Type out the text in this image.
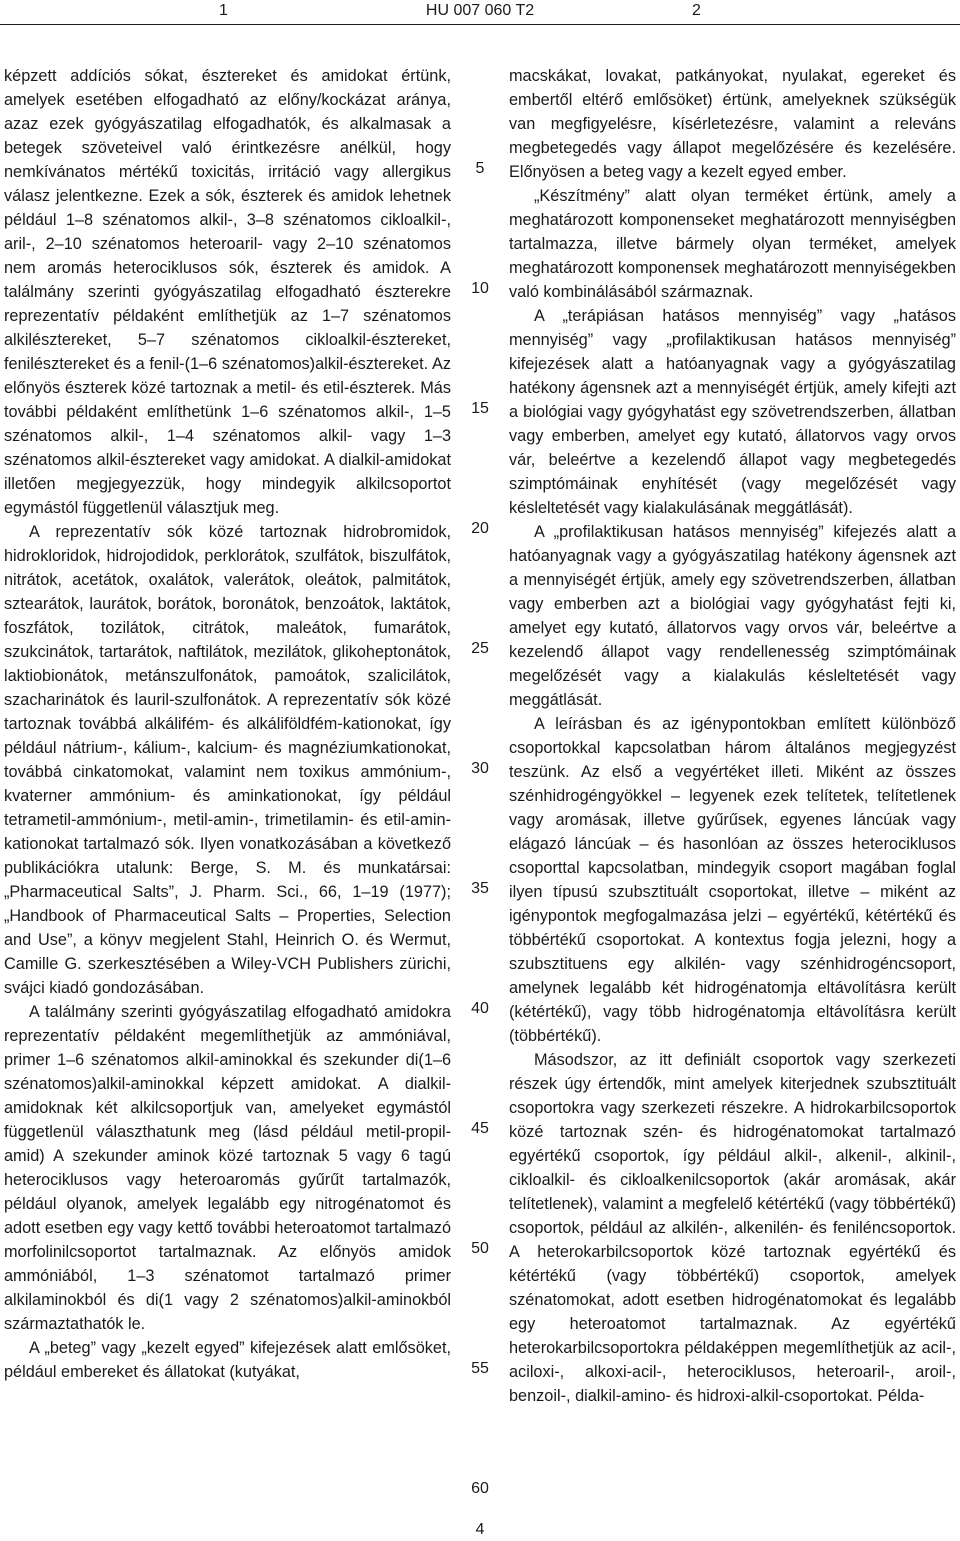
1	HU 007 060 T2	2

képzett addíciós sókat, észtereket és amidokat értünk, amelyek esetében elfogadható az előny/kockázat aránya, azaz ezek gyógyászatilag elfogadhatók, és alkalmasak a betegek szöveteivel való érintkezésre anélkül, hogy nemkívánatos mértékű toxicitás, irritáció vagy allergikus válasz jelentkezne. Ezek a sók, észterek és amidok lehetnek például 1–8 szénatomos alkil-, 3–8 szénatomos cikloalkil-, aril-, 2–10 szénatomos heteroaril- vagy 2–10 szénatomos nem aromás heterociklusos sók, észterek és amidok. A találmány szerinti gyógyászatilag elfogadható észterekre reprezentatív példaként említhetjük az 1–7 szénatomos alkilésztereket, 5–7 szénatomos cikloalkil-észtereket, fenilésztereket és a fenil-(1–6 szénatomos)alkil-észtereket. Az előnyös észterek közé tartoznak a metil- és etil-észterek. Más további példaként említhetünk 1–6 szénatomos alkil-, 1–5 szénatomos alkil-, 1–4 szénatomos alkil- vagy 1–3 szénatomos alkil-észtereket vagy amidokat. A dialkil-amidokat illetően megjegyezzük, hogy mindegyik alkilcsoportot egymástól függetlenül választjuk meg.

A reprezentatív sók közé tartoznak hidrobromidok, hidrokloridok, hidrojodidok, perklorátok, szulfátok, biszulfátok, nitrátok, acetátok, oxalátok, valerátok, oleátok, palmitátok, sztearátok, laurátok, borátok, boronátok, benzoátok, laktátok, foszfátok, tozilátok, citrátok, maleátok, fumarátok, szukcinátok, tartarátok, naftilátok, mezilátok, glikoheptonátok, laktiobionátok, metánszulfonátok, pamoátok, szalicilátok, szacharinátok és lauril-szulfonátok. A reprezentatív sók közé tartoznak továbbá alkálifém- és alkáliföldfém-kationokat, így például nátrium-, kálium-, kalcium- és magnéziumkationokat, továbbá cinkatomokat, valamint nem toxikus ammónium-, kvaterner ammónium- és aminkationokat, így például tetrametil-ammónium-, metil-amin-, trimetilamin- és etil-amin-kationokat tartalmazó sók. Ilyen vonatkozásában a következő publikációkra utalunk: Berge, S. M. és munkatársai: „Pharmaceutical Salts”, J. Pharm. Sci., 66, 1–19 (1977); „Handbook of Pharmaceutical Salts – Properties, Selection and Use”, a könyv megjelent Stahl, Heinrich O. és Wermut, Camille G. szerkesztésében a Wiley-VCH Publishers zürichi, svájci kiadó gondozásában.

A találmány szerinti gyógyászatilag elfogadható amidokra reprezentatív példaként megemlíthetjük az ammóniával, primer 1–6 szénatomos alkil-aminokkal és szekunder di(1–6 szénatomos)alkil-aminokkal képzett amidokat. A dialkil-amidoknak két alkilcsoportjuk van, amelyeket egymástól függetlenül választhatunk meg (lásd például metil-propil-amid) A szekunder aminok közé tartoznak 5 vagy 6 tagú heterociklusos vagy heteroaromás gyűrűt tartalmazók, például olyanok, amelyek legalább egy nitrogénatomot és adott esetben egy vagy kettő további heteroatomot tartalmazó morfolinilcsoportot tartalmaznak. Az előnyös amidok ammóniából, 1–3 szénatomot tartalmazó primer alkilaminokból és di(1 vagy 2 szénatomos)alkil-aminokból származtathatók le.

A „beteg” vagy „kezelt egyed” kifejezések alatt emlősöket, például embereket és állatokat (kutyákat,

5
10
15
20
25
30
35
40
45
50
55
60

macskákat, lovakat, patkányokat, nyulakat, egereket és embertől eltérő emlősöket) értünk, amelyeknek szükségük van megfigyelésre, kísérletezésre, valamint a releváns megbetegedés vagy állapot megelőzésére és kezelésére. Előnyösen a beteg vagy a kezelt egyed ember.

„Készítmény” alatt olyan terméket értünk, amely a meghatározott komponenseket meghatározott mennyiségben tartalmazza, illetve bármely olyan terméket, amelyek meghatározott komponensek meghatározott mennyiségekben való kombinálásából származnak.

A „terápiásan hatásos mennyiség” vagy „hatásos mennyiség” vagy „profilaktikusan hatásos mennyiség” kifejezések alatt a hatóanyagnak vagy a gyógyászatilag hatékony ágensnek azt a mennyiségét értjük, amely kifejti azt a biológiai vagy gyógyhatást egy szövetrendszerben, állatban vagy emberben, amelyet egy kutató, állatorvos vagy orvos vár, beleértve a kezelendő állapot vagy megbetegedés szimptómáinak enyhítését (vagy megelőzését vagy késleltetését vagy kialakulásának meggátlását).

A „profilaktikusan hatásos mennyiség” kifejezés alatt a hatóanyagnak vagy a gyógyászatilag hatékony ágensnek azt a mennyiségét értjük, amely egy szövetrendszerben, állatban vagy emberben azt a biológiai vagy gyógyhatást fejti ki, amelyet egy kutató, állatorvos vagy orvos vár, beleértve a kezelendő állapot vagy rendellenesség szimptómáinak megelőzését vagy a kialakulás késleltetését vagy meggátlását.

A leírásban és az igénypontokban említett különböző csoportokkal kapcsolatban három általános megjegyzést teszünk. Az első a vegyértéket illeti. Miként az összes szénhidrogéngyökkel – legyenek ezek telítetek, telítetlenek vagy aromásak, illetve gyűrűsek, egyenes láncúak vagy elágazó láncúak – és hasonlóan az összes heterociklusos csoporttal kapcsolatban, mindegyik csoport magában foglal ilyen típusú szubsztituált csoportokat, illetve – miként az igénypontok megfogalmazása jelzi – egyértékű, kétértékű és többértékű csoportokat. A kontextus fogja jelezni, hogy a szubsztituens egy alkilén- vagy szénhidrogéncsoport, amelynek legalább két hidrogénatomja eltávolításra került (kétértékű), vagy több hidrogénatomja eltávolításra került (többértékű).

Másodszor, az itt definiált csoportok vagy szerkezeti részek úgy értendők, mint amelyek kiterjednek szubsztituált csoportokra vagy szerkezeti részekre. A hidrokarbilcsoportok közé tartoznak szén- és hidrogénatomokat tartalmazó egyértékű csoportok, így például alkil-, alkenil-, alkinil-, cikloalkil- és cikloalkenilcsoportok (akár aromásak, akár telítetlenek), valamint a megfelelő kétértékű (vagy többértékű) csoportok, például az alkilén-, alkenilén- és feniléncsoportok. A heterokarbilcsoportok közé tartoznak egyértékű és kétértékű (vagy többértékű) csoportok, amelyek szénatomokat, adott esetben hidrogénatomokat és legalább egy heteroatomot tartalmaznak. Az egyértékű heterokarbilcsoportokra példaképpen megemlíthetjük az acil-, aciloxi-, alkoxi-acil-, heterociklusos, heteroaril-, aroil-, benzoil-, dialkil-amino- és hidroxi-alkil-csoportokat. Példa-

4
